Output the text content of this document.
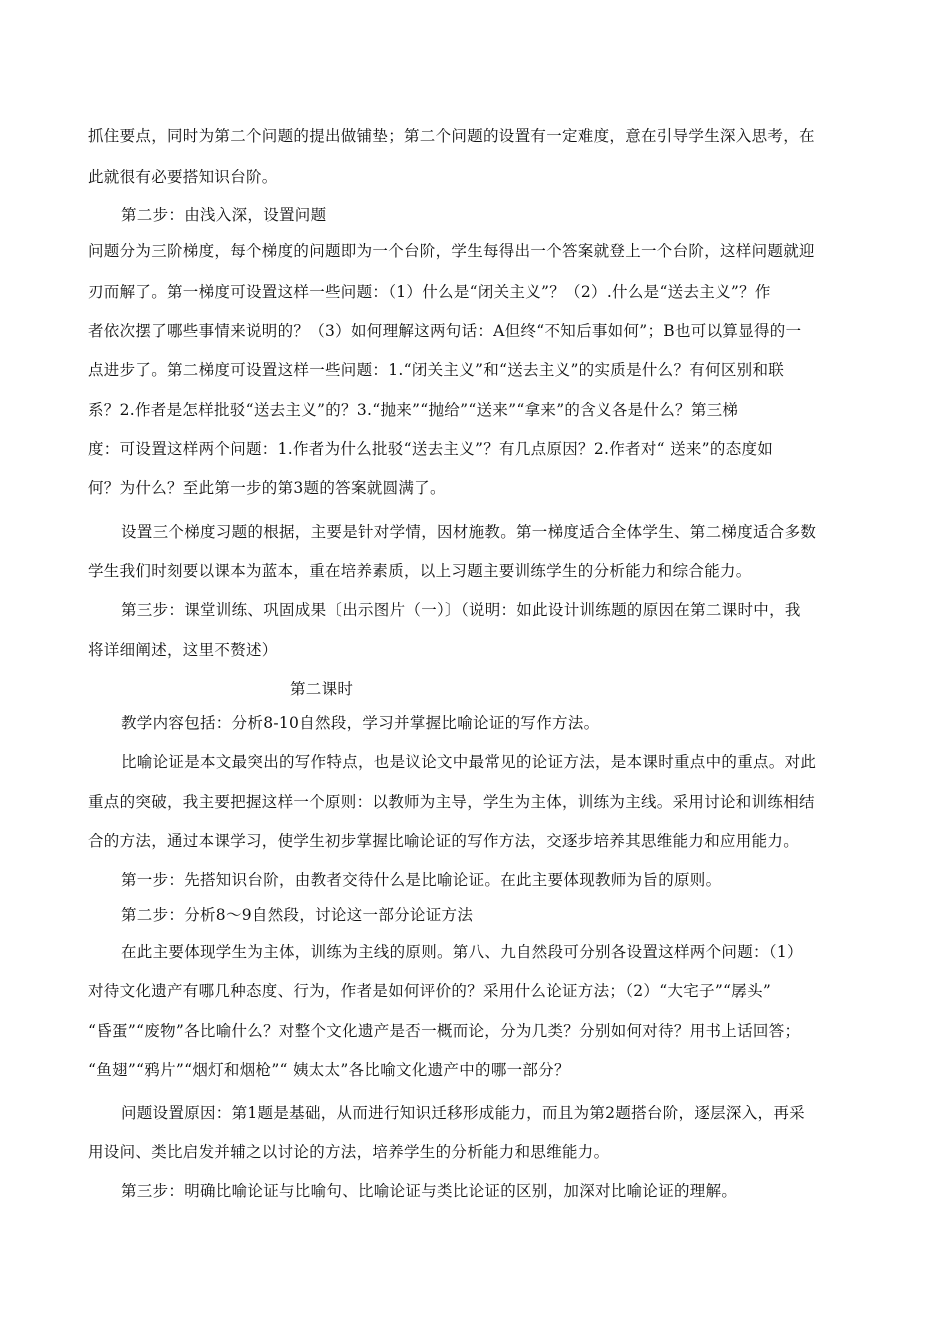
抓住要点，同时为第二个问题的提出做铺垫；第二个问题的设置有一定难度，意在引导学生深入思考，在
此就很有必要搭知识台阶。
第二步：由浅入深，设置问题
问题分为三阶梯度，每个梯度的问题即为一个台阶，学生每得出一个答案就登上一个台阶，这样问题就迎
刃而解了。第一梯度可设置这样一些问题：（1）什么是“闭关主义”？（2）.什么是“送去主义”？作
者依次摆了哪些事情来说明的？（3）如何理解这两句话：A但终“不知后事如何”；B也可以算显得的一
点进步了。第二梯度可设置这样一些问题：1.“闭关主义”和“送去主义”的实质是什么？有何区别和联
系？2.作者是怎样批驳“送去主义”的？3.“抛来”“抛给”“送来”“拿来”的含义各是什么？第三梯
度：可设置这样两个问题：1.作者为什么批驳“送去主义”？有几点原因？2.作者对“ 送来”的态度如
何？为什么？至此第一步的第3题的答案就圆满了。
设置三个梯度习题的根据，主要是针对学情，因材施教。第一梯度适合全体学生、第二梯度适合多数
学生我们时刻要以课本为蓝本，重在培养素质，以上习题主要训练学生的分析能力和综合能力。
第三步：课堂训练、巩固成果〔出示图片（一）〕（说明：如此设计训练题的原因在第二课时中，我
将详细阐述，这里不赘述）
第二课时
教学内容包括：分析8-10自然段，学习并掌握比喻论证的写作方法。
比喻论证是本文最突出的写作特点，也是议论文中最常见的论证方法，是本课时重点中的重点。对此
重点的突破，我主要把握这样一个原则：以教师为主导，学生为主体，训练为主线。采用讨论和训练相结
合的方法，通过本课学习，使学生初步掌握比喻论证的写作方法，交逐步培养其思维能力和应用能力。
第一步：先搭知识台阶，由教者交待什么是比喻论证。在此主要体现教师为旨的原则。
第二步：分析8～9自然段，讨论这一部分论证方法
在此主要体现学生为主体，训练为主线的原则。第八、九自然段可分别各设置这样两个问题：（1）
对待文化遗产有哪几种态度、行为，作者是如何评价的？采用什么论证方法；（2）“大宅子”“孱头”
“昏蛋”“废物”各比喻什么？对整个文化遗产是否一概而论，分为几类？分别如何对待？用书上话回答；
“鱼翅”“鸦片”“烟灯和烟枪”“ 姨太太”各比喻文化遗产中的哪一部分？
问题设置原因：第1题是基础，从而进行知识迁移形成能力，而且为第2题搭台阶，逐层深入，再采
用设问、类比启发并辅之以讨论的方法，培养学生的分析能力和思维能力。
第三步：明确比喻论证与比喻句、比喻论证与类比论证的区别，加深对比喻论证的理解。
